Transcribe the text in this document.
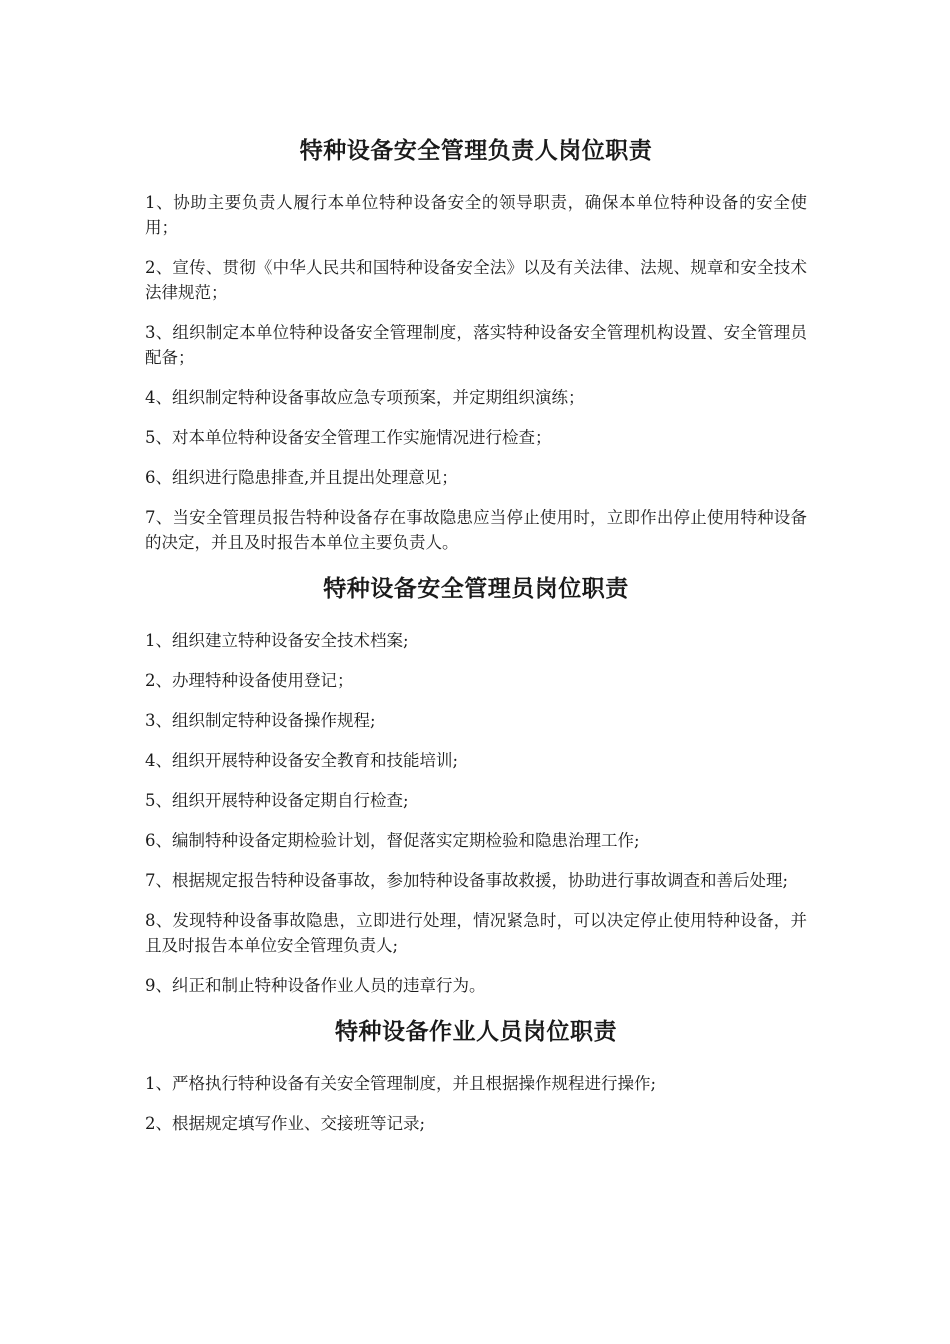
特种设备安全管理负责人岗位职责

1、协助主要负责人履行本单位特种设备安全的领导职责，确保本单位特种设备的安全使用；

2、宣传、贯彻《中华人民共和国特种设备安全法》以及有关法律、法规、规章和安全技术法律规范；

3、组织制定本单位特种设备安全管理制度，落实特种设备安全管理机构设置、安全管理员配备；

4、组织制定特种设备事故应急专项预案，并定期组织演练；

5、对本单位特种设备安全管理工作实施情况进行检查；

6、组织进行隐患排查,并且提出处理意见；

7、当安全管理员报告特种设备存在事故隐患应当停止使用时，立即作出停止使用特种设备的决定，并且及时报告本单位主要负责人。

特种设备安全管理员岗位职责

1、组织建立特种设备安全技术档案;

2、办理特种设备使用登记；

3、组织制定特种设备操作规程;

4、组织开展特种设备安全教育和技能培训;

5、组织开展特种设备定期自行检查;

6、编制特种设备定期检验计划，督促落实定期检验和隐患治理工作;

7、根据规定报告特种设备事故，参加特种设备事故救援，协助进行事故调查和善后处理;

8、发现特种设备事故隐患，立即进行处理，情况紧急时，可以决定停止使用特种设备，并且及时报告本单位安全管理负责人;

9、纠正和制止特种设备作业人员的违章行为。

特种设备作业人员岗位职责

1、严格执行特种设备有关安全管理制度，并且根据操作规程进行操作;

2、根据规定填写作业、交接班等记录;
